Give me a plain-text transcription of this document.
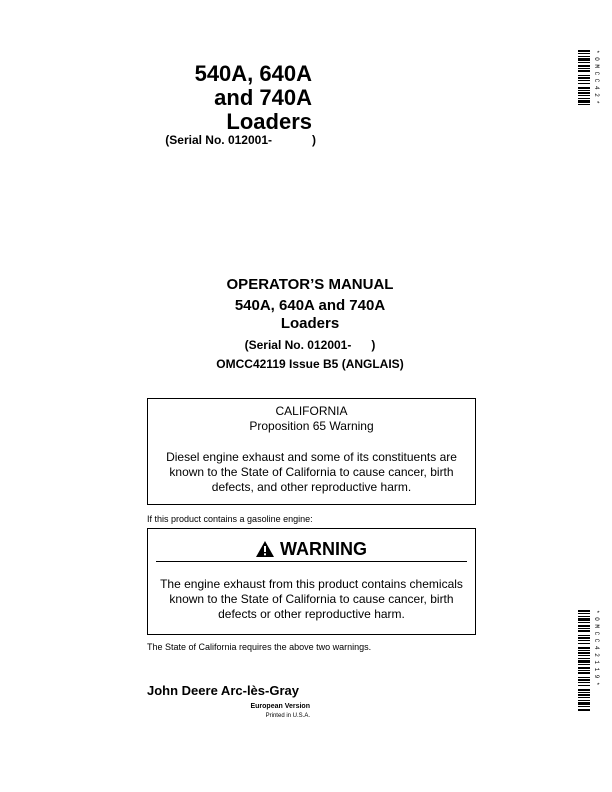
540A, 640A
and 740A
Loaders
(Serial No. 012001-            )
OPERATOR’S MANUAL
540A, 640A and 740A
Loaders
(Serial No. 012001-      )
OMCC42119 Issue B5 (ANGLAIS)
CALIFORNIA
Proposition 65 Warning
Diesel engine exhaust and some of its constituents are
known to the State of California to cause cancer, birth
defects, and other reproductive harm.
If this product contains a gasoline engine:
WARNING
The engine exhaust from this product contains chemicals
known to the State of California to cause cancer, birth
defects or other reproductive harm.
The State of California requires the above two warnings.
John Deere Arc-lès-Gray
European Version
Printed in U.S.A.
* O M C C 4 2 *
* O M C C 4 2 1 1 9 *
